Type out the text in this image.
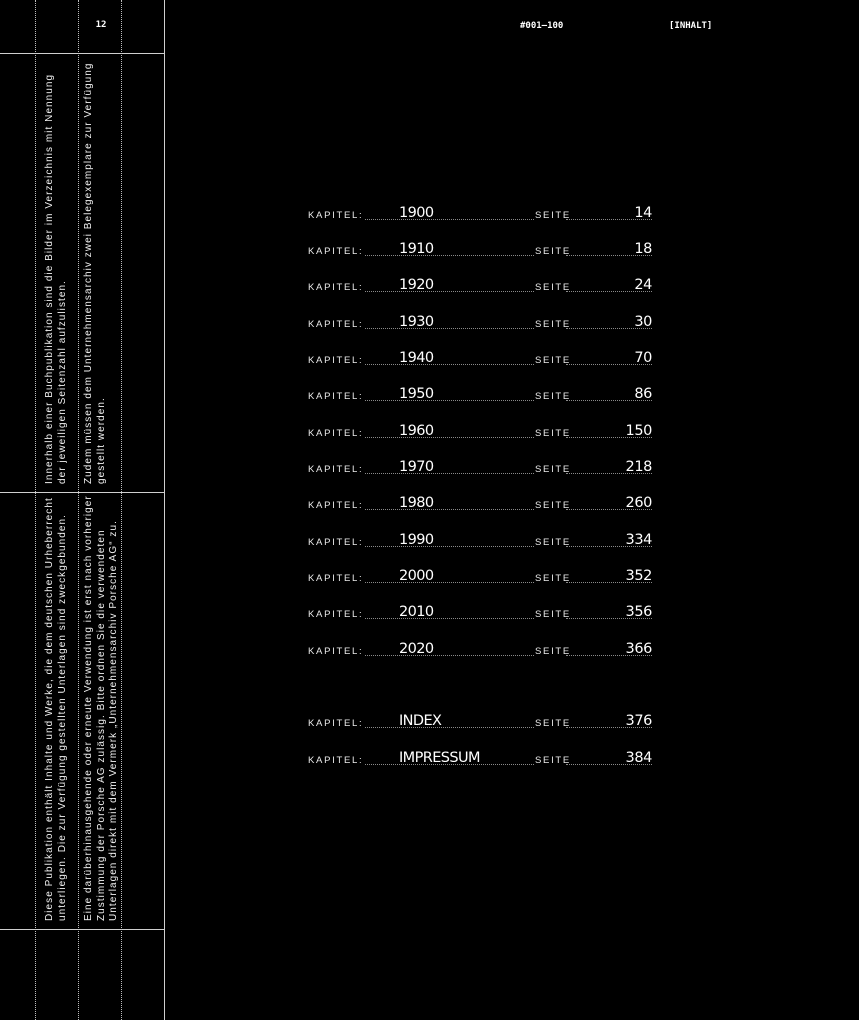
12
Innerhalb einer Buchpublikation sind die Bilder im Verzeichnis mit Nennung
der jeweiligen Seitenzahl aufzulisten.
Zudem müssen dem Unternehmensarchiv zwei Belegexemplare zur Verfügung
gestellt werden.
Diese Publikation enthält Inhalte und Werke, die dem deutschen Urheberrecht
unterliegen. Die zur Verfügung gestellten Unterlagen sind zweckgebunden.
Eine darüberhinausgehende oder erneute Verwendung ist erst nach vorheriger
Zustimmung der Porsche AG zulässig. Bitte ordnen Sie die verwendeten
Unterlagen direkt mit dem Vermerk „Unternehmensarchiv Porsche AG“ zu.
#001–100	[INHALT]
KAPITEL: 1900	SEITE	14
KAPITEL: 1910	SEITE	18
KAPITEL: 1920	SEITE	24
KAPITEL: 1930	SEITE	30
KAPITEL: 1940	SEITE	70
KAPITEL: 1950	SEITE	86
KAPITEL: 1960	SEITE	150
KAPITEL: 1970	SEITE	218
KAPITEL: 1980	SEITE	260
KAPITEL: 1990	SEITE	334
KAPITEL: 2000	SEITE	352
KAPITEL: 2010	SEITE	356
KAPITEL: 2020	SEITE	366
KAPITEL: INDEX	SEITE	376
KAPITEL: IMPRESSUM	SEITE	384
